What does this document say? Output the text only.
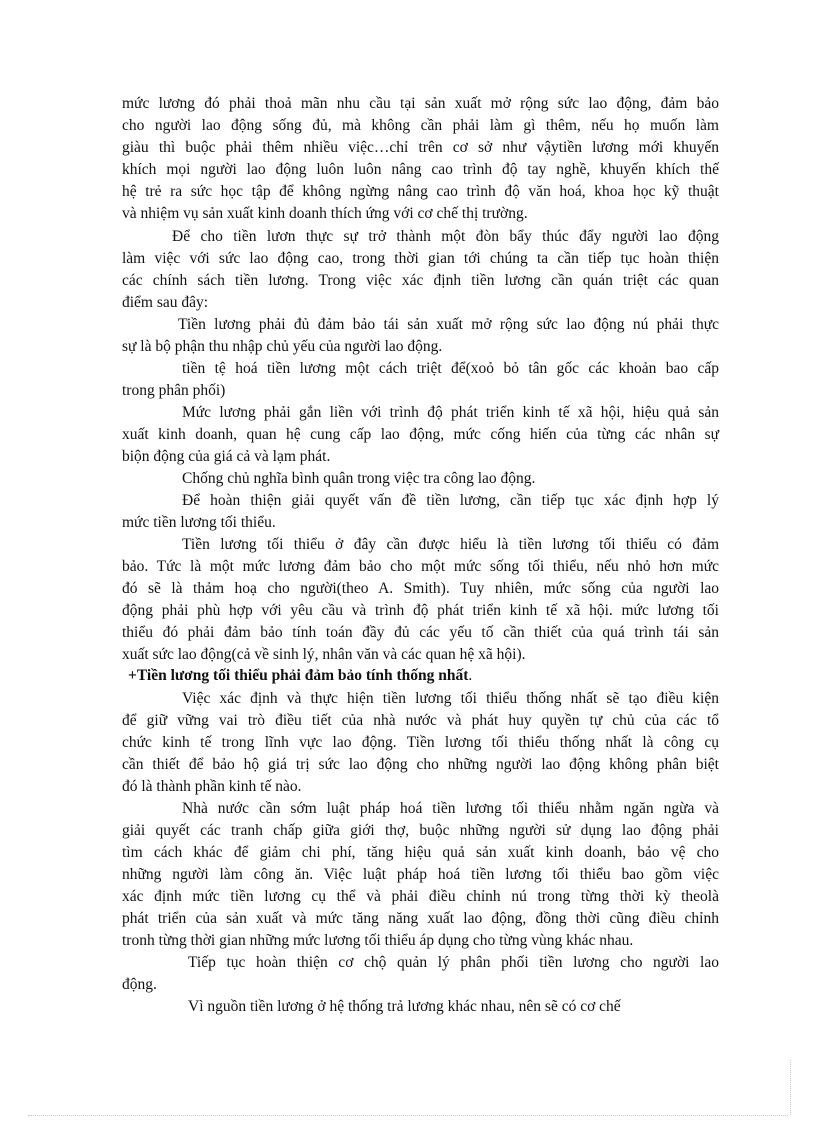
mức lương đó phải thoả mãn nhu cầu tại sản xuất mở rộng sức lao động, đảm bảo
cho người lao động sống đủ, mà không cần phải làm gì thêm, nếu họ muốn làm
giàu thì buộc phải thêm nhiều việc…chỉ trên cơ sở như vậytiền lương mới khuyến
khích mọi người lao động luôn luôn nâng cao trình độ tay nghề, khuyến khích thế
hệ trẻ ra sức học tập để không ngừng nâng cao trình độ văn hoá, khoa học kỹ thuật
và nhiệm vụ sản xuất kinh doanh thích ứng với cơ chế thị trường.
Để cho tiền lươn thực sự trở thành một đòn bẩy thúc đẩy người lao động
làm việc với sức lao động cao, trong thời gian tới chúng ta cần tiếp tục hoàn thiện
các chính sách tiền lương. Trong việc xác định tiền lương cần quán triệt các quan
điểm sau đây:
Tiền lương phải đủ đảm bảo tái sản xuất mở rộng sức lao động nú phải thực
sự là bộ phận thu nhập chủ yếu của người lao động.
tiền tệ hoá tiền lương một cách triệt để(xoỏ bỏ tân gốc các khoản bao cấp
trong phân phối)
Mức lương phải gắn liền với trình độ phát triển kinh tế xã hội, hiệu quả sản
xuất kinh doanh, quan hệ cung cấp lao động, mức cống hiến của từng các nhân sự
biộn động của giá cả và lạm phát.
Chống chủ nghĩa bình quân trong việc tra công lao động.
Để hoàn thiện giải quyết vấn đề tiền lương, cần tiếp tục xác định hợp lý
mức tiền lương tối thiểu.
Tiền lương tối thiểu ở đây cần được hiểu là tiền lương tối thiểu có đảm
bảo. Tức là một mức lương đảm bảo cho một mức sống tối thiểu, nếu nhỏ hơn mức
đó sẽ là thảm hoạ cho người(theo A. Smith). Tuy nhiên, mức sống của người lao
động phải phù hợp với yêu cầu và trình độ phát triển kinh tế xã hội. mức lương tối
thiểu đó phải đảm bảo tính toán đầy đủ các yếu tố cần thiết của quá trình tái sản
xuất sức lao động(cả về sinh lý, nhân văn và các quan hệ xã hội).
+Tiền lương tối thiểu phải đảm bảo tính thống nhất.
Việc xác định và thực hiện tiền lương tối thiểu thống nhất sẽ tạo điều kiện
để giữ vững vai trò điều tiết của nhà nước và phát huy quyền tự chủ của các tổ
chức kinh tế trong lĩnh vực lao động. Tiền lương tối thiểu thống nhất là công cụ
cần thiết để bảo hộ giá trị sức lao động cho những người lao động không phân biệt
đó là thành phần kinh tế nào.
Nhà nước cần sớm luật pháp hoá tiền lương tối thiểu nhằm ngăn ngừa và
giải quyết các tranh chấp giữa giới thợ, buộc những người sử dụng lao động phải
tìm cách khác để giảm chi phí, tăng hiệu quả sản xuất kinh doanh, bảo vệ cho
những người làm công ăn. Việc luật pháp hoá tiền lương tối thiểu bao gồm việc
xác định mức tiền lương cụ thể và phải điều chỉnh nú trong từng thời kỳ theolà
phát triển của sản xuất và mức tăng năng xuất lao động, đồng thời cũng điều chỉnh
tronh từng thời gian những mức lương tối thiểu áp dụng cho từng vùng khác nhau.
Tiếp tục hoàn thiện cơ chộ quản lý phân phối tiền lương cho người lao
động.
Vì nguồn tiền lương ở hệ thống trả lương khác nhau, nên sẽ có cơ chế
